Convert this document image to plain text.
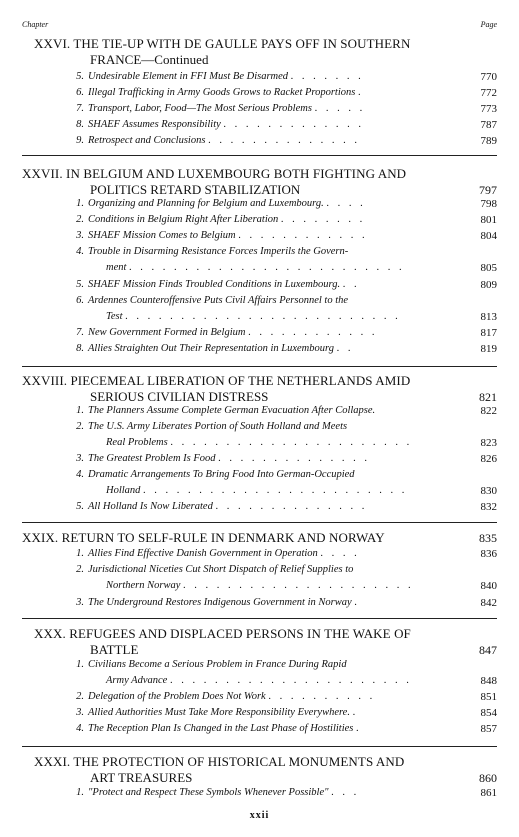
Chapter	Page
XXVI. THE TIE-UP WITH DE GAULLE PAYS OFF IN SOUTHERN
FRANCE—Continued
5. Undesirable Element in FFI Must Be Disarmed . . . . . . .	770
6. Illegal Trafficking in Army Goods Grows to Racket Proportions .	772
7. Transport, Labor, Food—The Most Serious Problems . . . . .	773
8. SHAEF Assumes Responsibility . . . . . . . . . . . . .	787
9. Retrospect and Conclusions . . . . . . . . . . . . . .	789
XXVII. IN BELGIUM AND LUXEMBOURG BOTH FIGHTING AND
POLITICS RETARD STABILIZATION	797
1. Organizing and Planning for Belgium and Luxembourg. . . . .	798
2. Conditions in Belgium Right After Liberation . . . . . . . .	801
3. SHAEF Mission Comes to Belgium . . . . . . . . . . . .	804
4. Trouble in Disarming Resistance Forces Imperils the Govern-
ment . . . . . . . . . . . . . . . . . . . . . . . . .	805
5. SHAEF Mission Finds Troubled Conditions in Luxembourg. . .	809
6. Ardennes Counteroffensive Puts Civil Affairs Personnel to the
Test . . . . . . . . . . . . . . . . . . . . . . . . .	813
7. New Government Formed in Belgium . . . . . . . . . . . .	817
8. Allies Straighten Out Their Representation in Luxembourg . .	819
XXVIII. PIECEMEAL LIBERATION OF THE NETHERLANDS AMID
SERIOUS CIVILIAN DISTRESS	821
1. The Planners Assume Complete German Evacuation After Collapse.	822
2. The U.S. Army Liberates Portion of South Holland and Meets
Real Problems . . . . . . . . . . . . . . . . . . . . . .	823
3. The Greatest Problem Is Food . . . . . . . . . . . . . .	826
4. Dramatic Arrangements To Bring Food Into German-Occupied
Holland . . . . . . . . . . . . . . . . . . . . . . . .	830
5. All Holland Is Now Liberated . . . . . . . . . . . . . .	832
XXIX. RETURN TO SELF-RULE IN DENMARK AND NORWAY	835
1. Allies Find Effective Danish Government in Operation . . . .	836
2. Jurisdictional Niceties Cut Short Dispatch of Relief Supplies to
Northern Norway . . . . . . . . . . . . . . . . . . . . .	840
3. The Underground Restores Indigenous Government in Norway .	842
XXX. REFUGEES AND DISPLACED PERSONS IN THE WAKE OF
BATTLE	847
1. Civilians Become a Serious Problem in France During Rapid
Army Advance . . . . . . . . . . . . . . . . . . . . . .	848
2. Delegation of the Problem Does Not Work . . . . . . . . . .	851
3. Allied Authorities Must Take More Responsibility Everywhere. .	854
4. The Reception Plan Is Changed in the Last Phase of Hostilities .	857
XXXI. THE PROTECTION OF HISTORICAL MONUMENTS AND
ART TREASURES	860
1. "Protect and Respect These Symbols Whenever Possible" . . .	861
xxii
